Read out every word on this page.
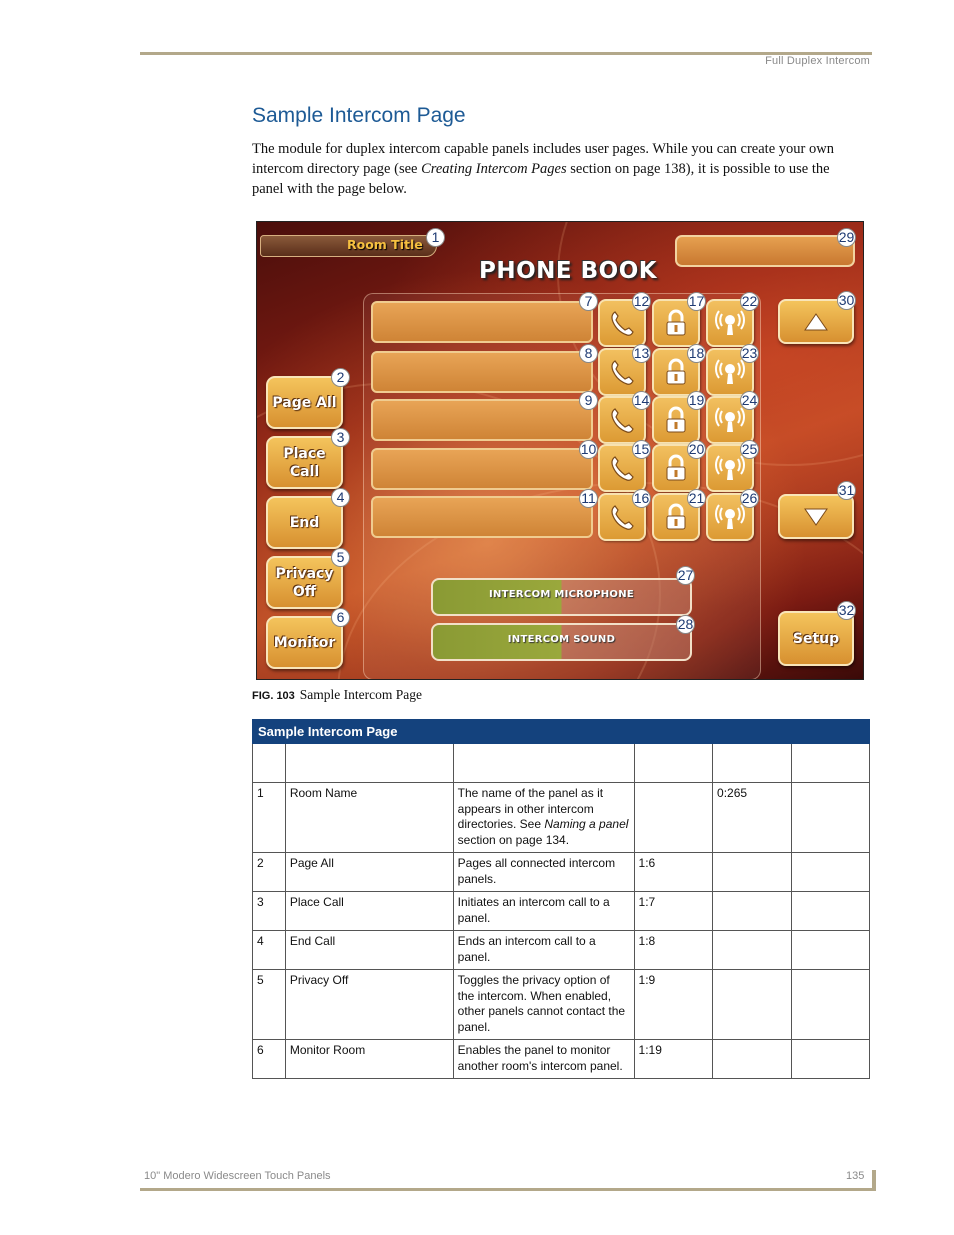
Full Duplex Intercom
Sample Intercom Page

The module for duplex intercom capable panels includes user pages. While you can create your own intercom directory page (see Creating Intercom Pages section on page 138), it is possible to use the panel with the page below.

Room Title
PHONE BOOK
Page All
Place
Call
End
Privacy
Off
Monitor	Setup
INTERCOM MICROPHONE
INTERCOM SOUND
1
2
3
4
5
6
7
8
9
10
11
12
13
14
15
16
17
18
19
20
21
22
23
24
25
26
27
28
29
30
31
32
FIG. 103 Sample Intercom Page
Sample Intercom Page					

1	Room Name	The name of the panel as it appears in other intercom directories. See Naming a panel section on page 134.		0:265	
2	Page All	Pages all connected intercom panels.	1:6		
3	Place Call	Initiates an intercom call to a panel.	1:7		
4	End Call	Ends an intercom call to a panel.	1:8		
5	Privacy Off	Toggles the privacy option of the intercom. When enabled, other panels cannot contact the panel.	1:9		
6	Monitor Room	Enables the panel to monitor another room's intercom panel.	1:19		
10" Modero Widescreen Touch Panels	135
